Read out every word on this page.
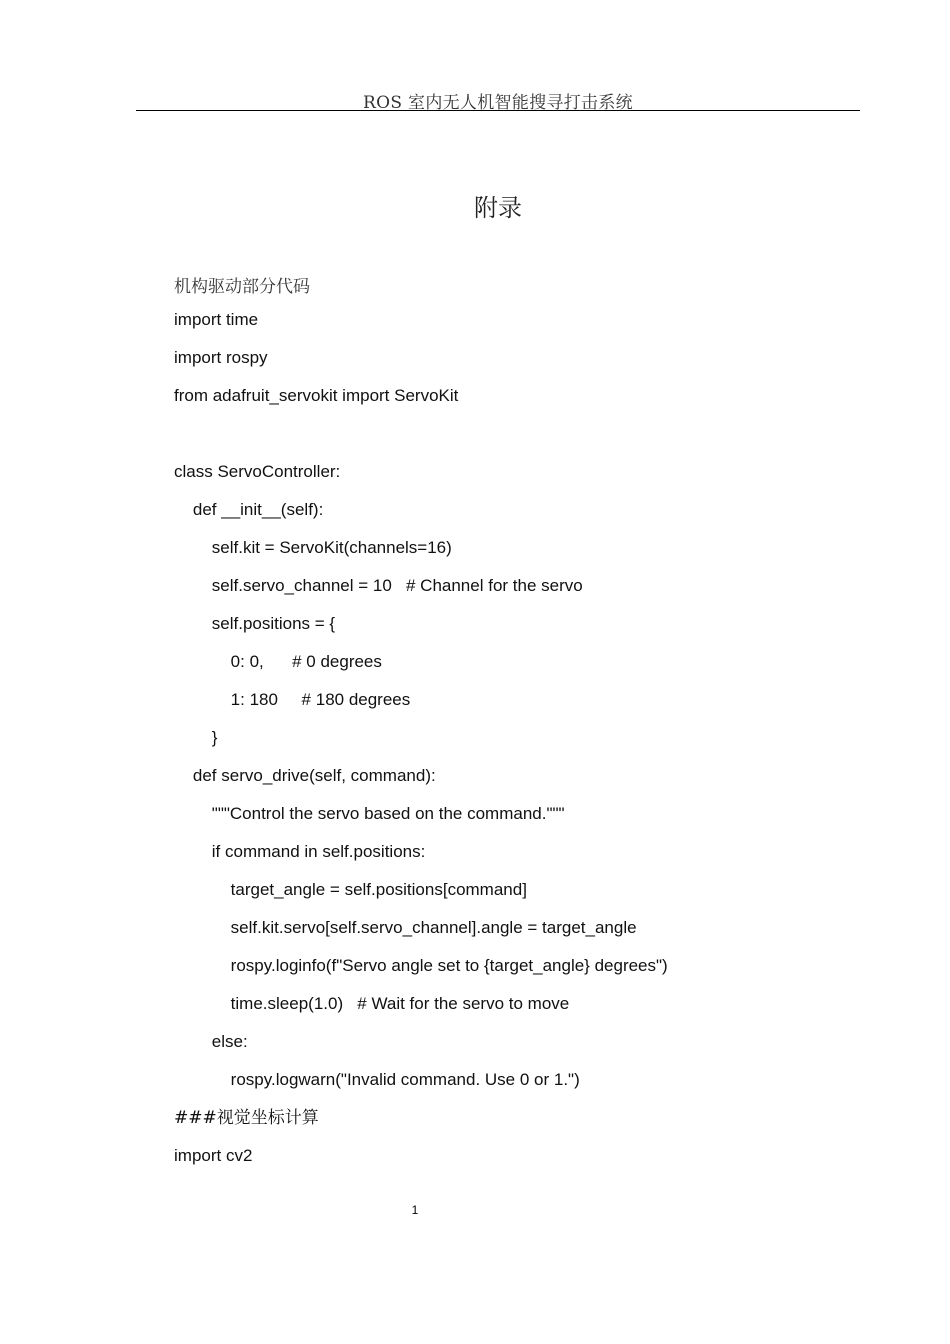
ROS 室内无人机智能搜寻打击系统
附录
机构驱动部分代码
import time
import rospy
from adafruit_servokit import ServoKit
class ServoController:
def __init__(self):
self.kit = ServoKit(channels=16)
self.servo_channel = 10   # Channel for the servo
self.positions = {
0: 0,      # 0 degrees
1: 180     # 180 degrees
}
def servo_drive(self, command):
"""Control the servo based on the command."""
if command in self.positions:
target_angle = self.positions[command]
self.kit.servo[self.servo_channel].angle = target_angle
rospy.loginfo(f"Servo angle set to {target_angle} degrees")
time.sleep(1.0)   # Wait for the servo to move
else:
rospy.logwarn("Invalid command. Use 0 or 1.")
###视觉坐标计算
import cv2
1
